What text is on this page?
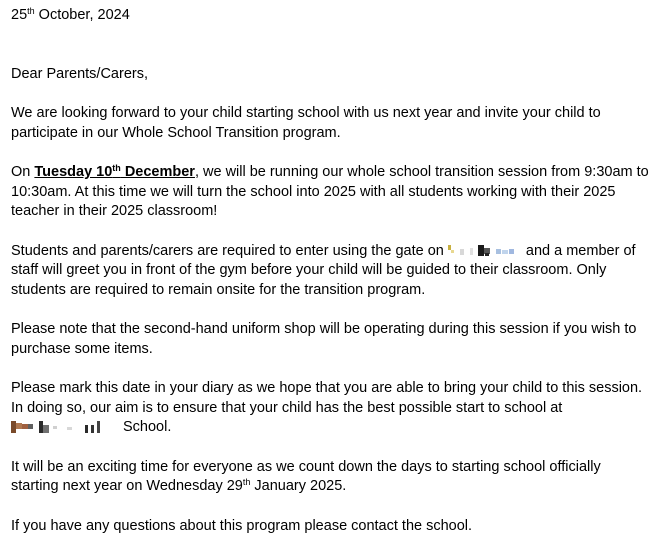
25th October, 2024

Dear Parents/Carers,

We are looking forward to your child starting school with us next year and invite your child to participate in our Whole School Transition program.

On Tuesday 10th December, we will be running our whole school transition session from 9:30am to 10:30am. At this time we will turn the school into 2025 with all students working with their 2025 teacher in their 2025 classroom!

Students and parents/carers are required to enter using the gate on	and a member of staff will greet you in front of the gym before your child will be guided to their classroom. Only students are required to remain onsite for the transition program.

Please note that the second-hand uniform shop will be operating during this session if you wish to purchase some items.

Please mark this date in your diary as we hope that you are able to bring your child to this session. In doing so, our aim is to ensure that your child has the best possible start to school at
School.

It will be an exciting time for everyone as we count down the days to starting school officially starting next year on Wednesday 29th January 2025.

If you have any questions about this program please contact the school.
